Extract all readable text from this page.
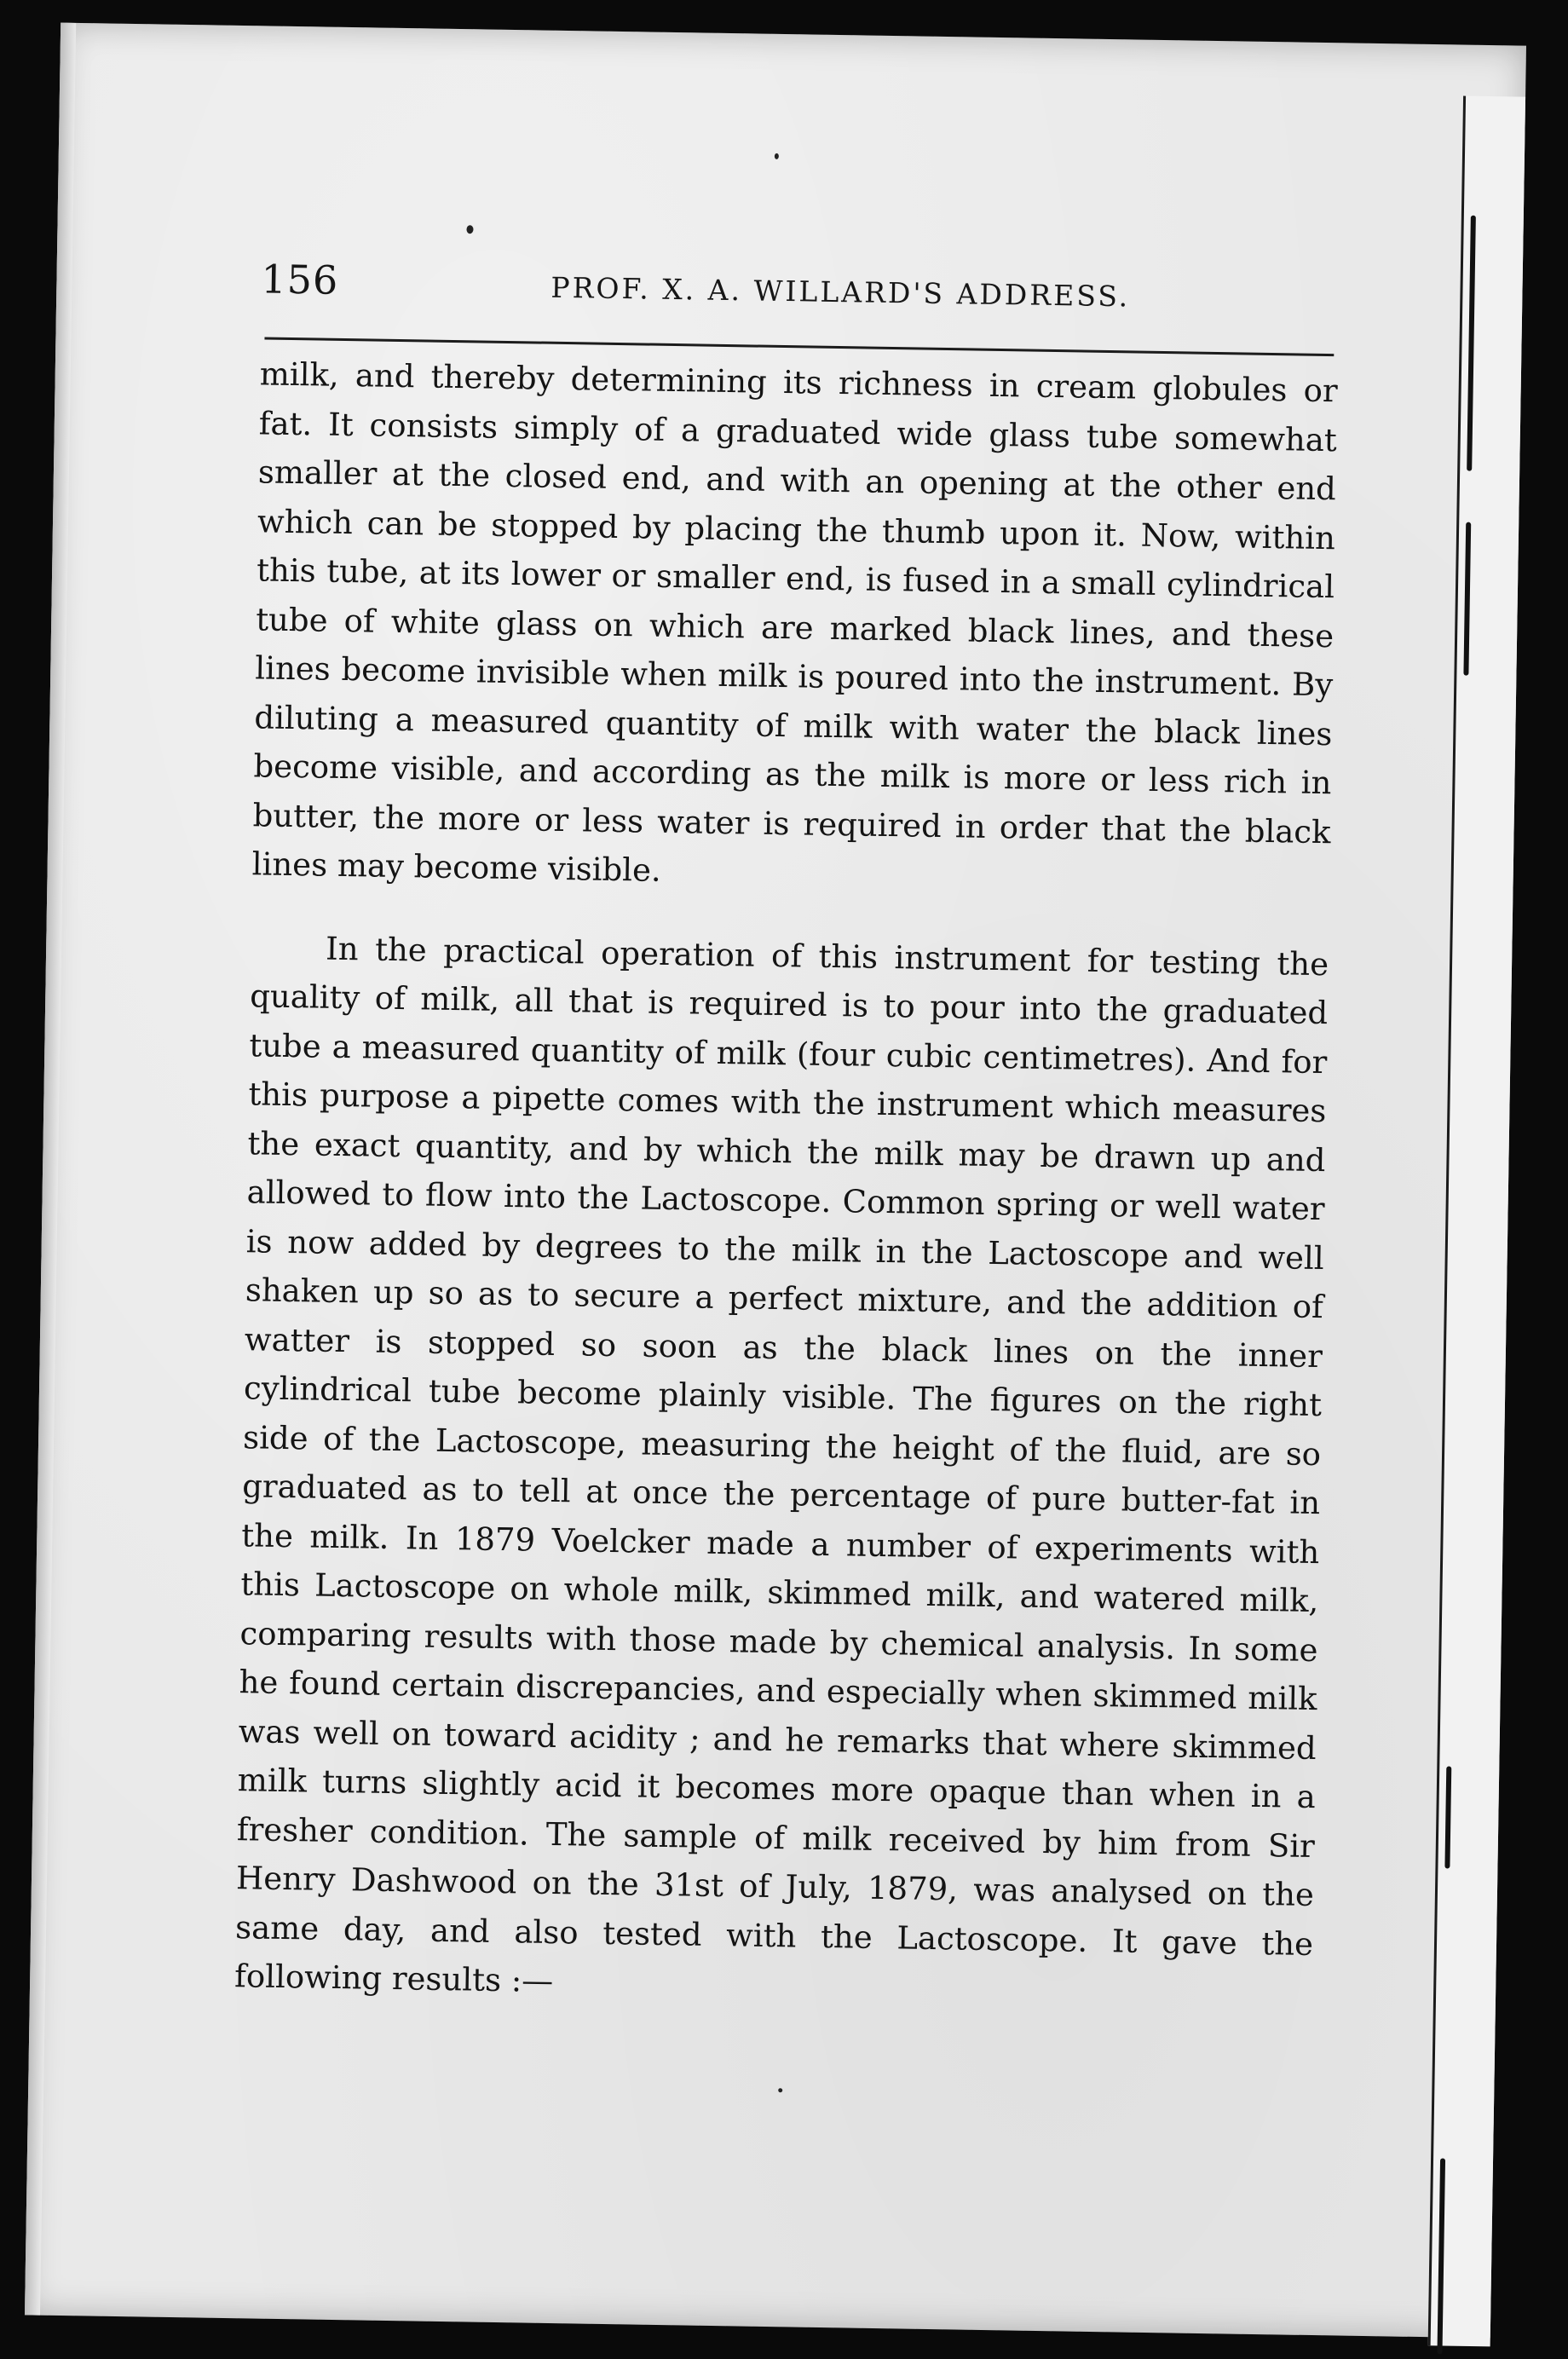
156	PROF. X. A. WILLARD'S ADDRESS.

milk, and thereby determining its richness in cream globules or fat. It consists simply of a graduated wide glass tube somewhat smaller at the closed end, and with an opening at the other end which can be stopped by placing the thumb upon it. Now, within this tube, at its lower or smaller end, is fused in a small cylindrical tube of white glass on which are marked black lines, and these lines become invisible when milk is poured into the instrument. By diluting a measured quantity of milk with water the black lines become visible, and according as the milk is more or less rich in butter, the more or less water is required in order that the black lines may become visible.

In the practical operation of this instrument for testing the quality of milk, all that is required is to pour into the graduated tube a measured quantity of milk (four cubic centimetres). And for this purpose a pipette comes with the instrument which measures the exact quantity, and by which the milk may be drawn up and allowed to flow into the Lactoscope. Common spring or well water is now added by degrees to the milk in the Lactoscope and well shaken up so as to secure a perfect mixture, and the addition of watter is stopped so soon as the black lines on the inner cylindrical tube become plainly visible. The figures on the right side of the Lactoscope, measuring the height of the fluid, are so graduated as to tell at once the percentage of pure butter-fat in the milk. In 1879 Voelcker made a number of experiments with this Lactoscope on whole milk, skimmed milk, and watered milk, comparing results with those made by chemical analysis. In some he found certain discrepancies, and especially when skimmed milk was well on toward acidity ; and he remarks that where skimmed milk turns slightly acid it becomes more opaque than when in a fresher condition. The sample of milk received by him from Sir Henry Dashwood on the 31st of July, 1879, was analysed on the same day, and also tested with the Lactoscope. It gave the following results :—
